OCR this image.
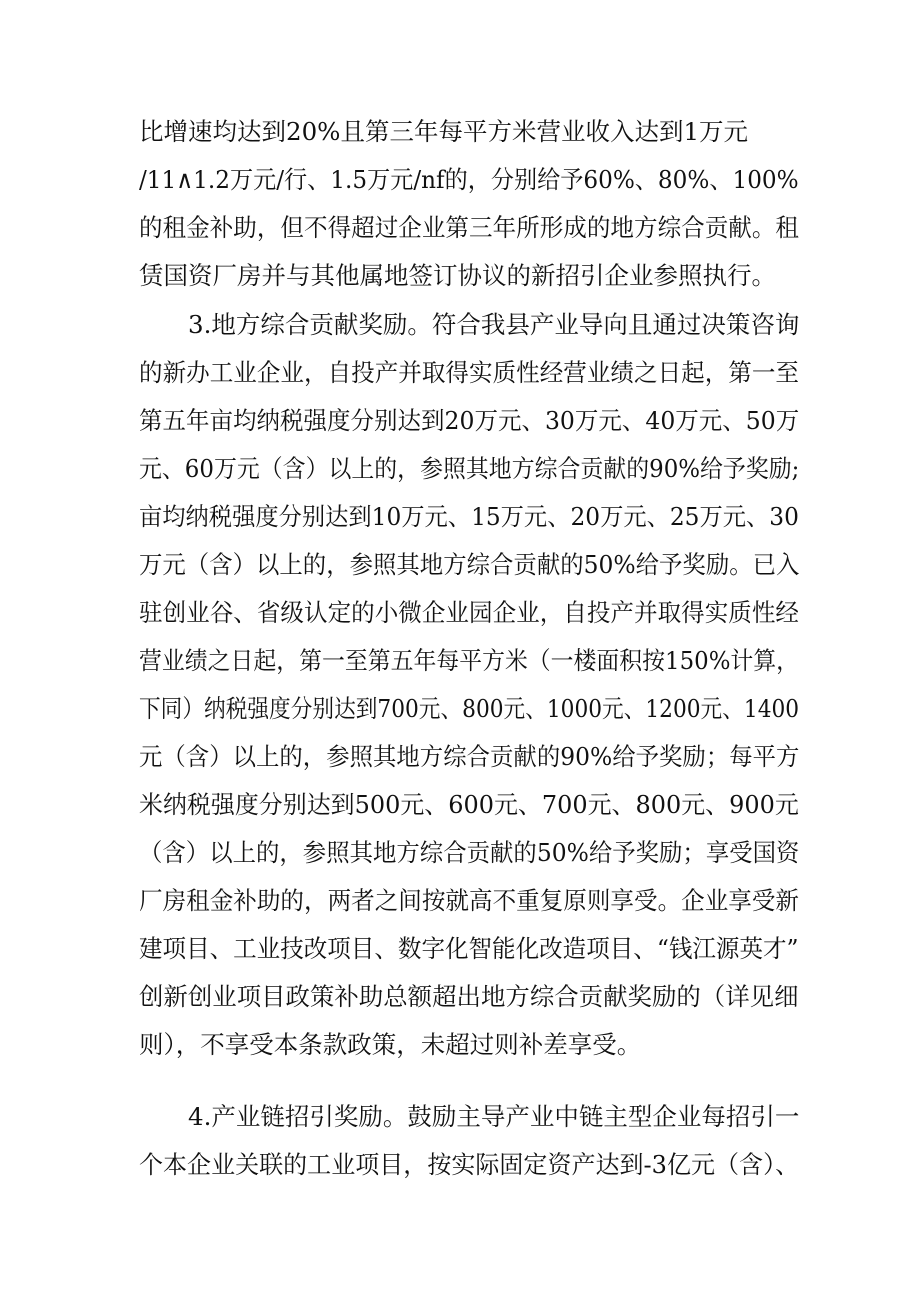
比增速均达到20%且第三年每平方米营业收入达到1万元
/11∧1.2万元/行、1.5万元/nf的，分别给予60%、80%、100%
的租金补助，但不得超过企业第三年所形成的地方综合贡献。租
赁国资厂房并与其他属地签订协议的新招引企业参照执行。
3.地方综合贡献奖励。符合我县产业导向且通过决策咨询
的新办工业企业，自投产并取得实质性经营业绩之日起，第一至
第五年亩均纳税强度分别达到20万元、30万元、40万元、50万
元、60万元（含）以上的，参照其地方综合贡献的90%给予奖励;
亩均纳税强度分别达到10万元、15万元、20万元、25万元、30
万元（含）以上的，参照其地方综合贡献的50%给予奖励。已入
驻创业谷、省级认定的小微企业园企业，自投产并取得实质性经
营业绩之日起，第一至第五年每平方米（一楼面积按150%计算，
下同）纳税强度分别达到700元、800元、1000元、1200元、1400
元（含）以上的，参照其地方综合贡献的90%给予奖励；每平方
米纳税强度分别达到500元、600元、700元、800元、900元
（含）以上的，参照其地方综合贡献的50%给予奖励；享受国资
厂房租金补助的，两者之间按就高不重复原则享受。企业享受新
建项目、工业技改项目、数字化智能化改造项目、“钱江源英才”
创新创业项目政策补助总额超出地方综合贡献奖励的（详见细
则），不享受本条款政策，未超过则补差享受。
4.产业链招引奖励。鼓励主导产业中链主型企业每招引一
个本企业关联的工业项目，按实际固定资产达到-3亿元（含）、
